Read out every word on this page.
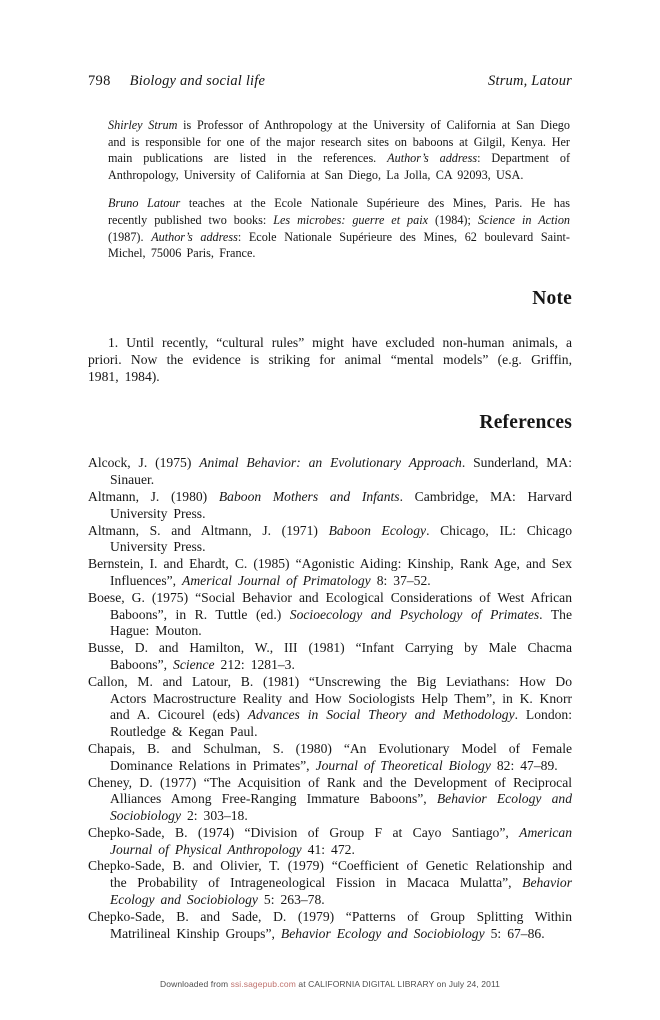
798 Biology and social life	Strum, Latour

Shirley Strum is Professor of Anthropology at the University of California at San Diego and is responsible for one of the major research sites on baboons at Gilgil, Kenya. Her main publications are listed in the references. Author’s address: Department of Anthropology, University of California at San Diego, La Jolla, CA 92093, USA.

Bruno Latour teaches at the Ecole Nationale Supérieure des Mines, Paris. He has recently published two books: Les microbes: guerre et paix (1984); Science in Action (1987). Author’s address: Ecole Nationale Supérieure des Mines, 62 boulevard Saint-Michel, 75006 Paris, France.

Note

1. Until recently, “cultural rules” might have excluded non-human animals, a priori. Now the evidence is striking for animal “mental models” (e.g. Griffin, 1981, 1984).

References

Alcock, J. (1975) Animal Behavior: an Evolutionary Approach. Sunderland, MA: Sinauer.

Altmann, J. (1980) Baboon Mothers and Infants. Cambridge, MA: Harvard University Press.

Altmann, S. and Altmann, J. (1971) Baboon Ecology. Chicago, IL: Chicago University Press.

Bernstein, I. and Ehardt, C. (1985) “Agonistic Aiding: Kinship, Rank Age, and Sex Influences”, Americal Journal of Primatology 8: 37–52.

Boese, G. (1975) “Social Behavior and Ecological Considerations of West African Baboons”, in R. Tuttle (ed.) Socioecology and Psychology of Primates. The Hague: Mouton.

Busse, D. and Hamilton, W., III (1981) “Infant Carrying by Male Chacma Baboons”, Science 212: 1281–3.

Callon, M. and Latour, B. (1981) “Unscrewing the Big Leviathans: How Do Actors Macrostructure Reality and How Sociologists Help Them”, in K. Knorr and A. Cicourel (eds) Advances in Social Theory and Methodology. London: Routledge & Kegan Paul.

Chapais, B. and Schulman, S. (1980) “An Evolutionary Model of Female Dominance Relations in Primates”, Journal of Theoretical Biology 82: 47–89.

Cheney, D. (1977) “The Acquisition of Rank and the Development of Reciprocal Alliances Among Free-Ranging Immature Baboons”, Behavior Ecology and Sociobiology 2: 303–18.

Chepko-Sade, B. (1974) “Division of Group F at Cayo Santiago”, American Journal of Physical Anthropology 41: 472.

Chepko-Sade, B. and Olivier, T. (1979) “Coefficient of Genetic Relationship and the Probability of Intrageneological Fission in Macaca Mulatta”, Behavior Ecology and Sociobiology 5: 263–78.

Chepko-Sade, B. and Sade, D. (1979) “Patterns of Group Splitting Within Matrilineal Kinship Groups”, Behavior Ecology and Sociobiology 5: 67–86.

Downloaded from ssi.sagepub.com at CALIFORNIA DIGITAL LIBRARY on July 24, 2011
